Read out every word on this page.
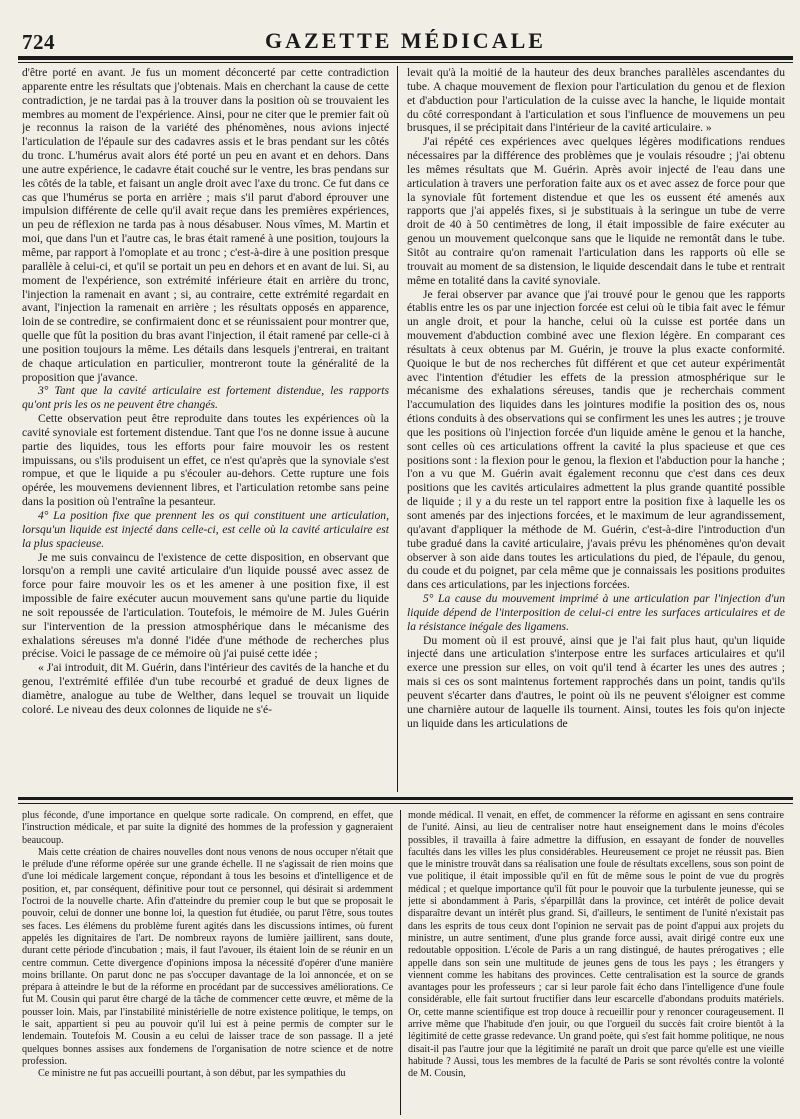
724	GAZETTE MÉDICALE

d'être porté en avant. Je fus un moment déconcerté par cette contradiction apparente entre les résultats que j'obtenais. Mais en cherchant la cause de cette contradiction, je ne tardai pas à la trouver dans la position où se trouvaient les membres au moment de l'expérience. Ainsi, pour ne citer que le premier fait où je reconnus la raison de la variété des phénomènes, nous avions injecté l'articulation de l'épaule sur des cadavres assis et le bras pendant sur les côtés du tronc. L'humérus avait alors été porté un peu en avant et en dehors. Dans une autre expérience, le cadavre était couché sur le ventre, les bras pendans sur les côtés de la table, et faisant un angle droit avec l'axe du tronc. Ce fut dans ce cas que l'humérus se porta en arrière ; mais s'il parut d'abord éprouver une impulsion différente de celle qu'il avait reçue dans les premières expériences, un peu de réflexion ne tarda pas à nous désabuser. Nous vîmes, M. Martin et moi, que dans l'un et l'autre cas, le bras était ramené à une position, toujours la même, par rapport à l'omoplate et au tronc ; c'est-à-dire à une position presque parallèle à celui-ci, et qu'il se portait un peu en dehors et en avant de lui. Si, au moment de l'expérience, son extrémité inférieure était en arrière du tronc, l'injection la ramenait en avant ; si, au contraire, cette extrémité regardait en avant, l'injection la ramenait en arrière ; les résultats opposés en apparence, loin de se contredire, se confirmaient donc et se réunissaient pour montrer que, quelle que fût la position du bras avant l'injection, il était ramené par celle-ci à une position toujours la même. Les détails dans lesquels j'entrerai, en traitant de chaque articulation en particulier, montreront toute la généralité de la proposition que j'avance.

3° Tant que la cavité articulaire est fortement distendue, les rapports qu'ont pris les os ne peuvent être changés.

Cette observation peut être reproduite dans toutes les expériences où la cavité synoviale est fortement distendue. Tant que l'os ne donne issue à aucune partie des liquides, tous les efforts pour faire mouvoir les os restent impuissans, ou s'ils produisent un effet, ce n'est qu'après que la synoviale s'est rompue, et que le liquide a pu s'écouler au-dehors. Cette rupture une fois opérée, les mouvemens deviennent libres, et l'articulation retombe sans peine dans la position où l'entraîne la pesanteur.

4° La position fixe que prennent les os qui constituent une articulation, lorsqu'un liquide est injecté dans celle-ci, est celle où la cavité articulaire est la plus spacieuse.

Je me suis convaincu de l'existence de cette disposition, en observant que lorsqu'on a rempli une cavité articulaire d'un liquide poussé avec assez de force pour faire mouvoir les os et les amener à une position fixe, il est impossible de faire exécuter aucun mouvement sans qu'une partie du liquide ne soit repoussée de l'articulation. Toutefois, le mémoire de M. Jules Guérin sur l'intervention de la pression atmosphérique dans le mécanisme des exhalations séreuses m'a donné l'idée d'une méthode de recherches plus précise. Voici le passage de ce mémoire où j'ai puisé cette idée ;

« J'ai introduit, dit M. Guérin, dans l'intérieur des cavités de la hanche et du genou, l'extrémité effilée d'un tube recourbé et gradué de deux lignes de diamètre, analogue au tube de Welther, dans lequel se trouvait un liquide coloré. Le niveau des deux colonnes de liquide ne s'é-

levait qu'à la moitié de la hauteur des deux branches parallèles ascendantes du tube. A chaque mouvement de flexion pour l'articulation du genou et de flexion et d'abduction pour l'articulation de la cuisse avec la hanche, le liquide montait du côté correspondant à l'articulation et sous l'influence de mouvemens un peu brusques, il se précipitait dans l'intérieur de la cavité articulaire. »

J'ai répété ces expériences avec quelques légères modifications rendues nécessaires par la différence des problèmes que je voulais résoudre ; j'ai obtenu les mêmes résultats que M. Guérin. Après avoir injecté de l'eau dans une articulation à travers une perforation faite aux os et avec assez de force pour que la synoviale fût fortement distendue et que les os eussent été amenés aux rapports que j'ai appelés fixes, si je substituais à la seringue un tube de verre droit de 40 à 50 centimètres de long, il était impossible de faire exécuter au genou un mouvement quelconque sans que le liquide ne remontât dans le tube. Sitôt au contraire qu'on ramenait l'articulation dans les rapports où elle se trouvait au moment de sa distension, le liquide descendait dans le tube et rentrait même en totalité dans la cavité synoviale.

Je ferai observer par avance que j'ai trouvé pour le genou que les rapports établis entre les os par une injection forcée est celui où le tibia fait avec le fémur un angle droit, et pour la hanche, celui où la cuisse est portée dans un mouvement d'abduction combiné avec une flexion légère. En comparant ces résultats à ceux obtenus par M. Guérin, je trouve la plus exacte conformité. Quoique le but de nos recherches fût différent et que cet auteur expérimentât avec l'intention d'étudier les effets de la pression atmosphérique sur le mécanisme des exhalations séreuses, tandis que je recherchais comment l'accumulation des liquides dans les jointures modifie la position des os, nous étions conduits à des observations qui se confirment les unes les autres ; je trouve que les positions où l'injection forcée d'un liquide amène le genou et la hanche, sont celles où ces articulations offrent la cavité la plus spacieuse et que ces positions sont : la flexion pour le genou, la flexion et l'abduction pour la hanche ; l'on a vu que M. Guérin avait également reconnu que c'est dans ces deux positions que les cavités articulaires admettent la plus grande quantité possible de liquide ; il y a du reste un tel rapport entre la position fixe à laquelle les os sont amenés par des injections forcées, et le maximum de leur agrandissement, qu'avant d'appliquer la méthode de M. Guérin, c'est-à-dire l'introduction d'un tube gradué dans la cavité articulaire, j'avais prévu les phénomènes qu'on devait observer à son aide dans toutes les articulations du pied, de l'épaule, du genou, du coude et du poignet, par cela même que je connaissais les positions produites dans ces articulations, par les injections forcées.

5° La cause du mouvement imprimé à une articulation par l'injection d'un liquide dépend de l'interposition de celui-ci entre les surfaces articulaires et de la résistance inégale des ligamens.

Du moment où il est prouvé, ainsi que je l'ai fait plus haut, qu'un liquide injecté dans une articulation s'interpose entre les surfaces articulaires et qu'il exerce une pression sur elles, on voit qu'il tend à écarter les unes des autres ; mais si ces os sont maintenus fortement rapprochés dans un point, tandis qu'ils peuvent s'écarter dans d'autres, le point où ils ne peuvent s'éloigner est comme une charnière autour de laquelle ils tournent. Ainsi, toutes les fois qu'on injecte un liquide dans les articulations de

plus féconde, d'une importance en quelque sorte radicale. On comprend, en effet, que l'instruction médicale, et par suite la dignité des hommes de la profession y gagneraient beaucoup.

Mais cette création de chaires nouvelles dont nous venons de nous occuper n'était que le prélude d'une réforme opérée sur une grande échelle. Il ne s'agissait de rien moins que d'une loi médicale largement conçue, répondant à tous les besoins et d'intelligence et de position, et, par conséquent, définitive pour tout ce personnel, qui désirait si ardemment l'octroi de la nouvelle charte. Afin d'atteindre du premier coup le but que se proposait le pouvoir, celui de donner une bonne loi, la question fut étudiée, ou parut l'être, sous toutes ses faces. Les élémens du problème furent agités dans les discussions intimes, où furent appelés les dignitaires de l'art. De nombreux rayons de lumière jaillirent, sans doute, durant cette période d'incubation ; mais, il faut l'avouer, ils étaient loin de se réunir en un centre commun. Cette divergence d'opinions imposa la nécessité d'opérer d'une manière moins brillante. On parut donc ne pas s'occuper davantage de la loi annoncée, et on se prépara à atteindre le but de la réforme en procédant par de successives améliorations. Ce fut M. Cousin qui parut être chargé de la tâche de commencer cette œuvre, et même de la pousser loin. Mais, par l'instabilité ministérielle de notre existence politique, le temps, on le sait, appartient si peu au pouvoir qu'il lui est à peine permis de compter sur le lendemain. Toutefois M. Cousin a eu celui de laisser trace de son passage. Il a jeté quelques bonnes assises aux fondemens de l'organisation de notre science et de notre profession.

Ce ministre ne fut pas accueilli pourtant, à son début, par les sympathies du

monde médical. Il venait, en effet, de commencer la réforme en agissant en sens contraire de l'unité. Ainsi, au lieu de centraliser notre haut enseignement dans le moins d'écoles possibles, il travailla à faire admettre la diffusion, en essayant de fonder de nouvelles facultés dans les villes les plus considérables. Heureusement ce projet ne réussit pas. Bien que le ministre trouvât dans sa réalisation une foule de résultats excellens, sous son point de vue politique, il était impossible qu'il en fût de même sous le point de vue du progrès médical ; et quelque importance qu'il fût pour le pouvoir que la turbulente jeunesse, qui se jette si abondamment à Paris, s'éparpillât dans la province, cet intérêt de police devait disparaître devant un intérêt plus grand. Si, d'ailleurs, le sentiment de l'unité n'existait pas dans les esprits de tous ceux dont l'opinion ne servait pas de point d'appui aux projets du ministre, un autre sentiment, d'une plus grande force aussi, avait dirigé contre eux une redoutable opposition. L'école de Paris a un rang distingué, de hautes prérogatives ; elle appelle dans son sein une multitude de jeunes gens de tous les pays ; les étrangers y viennent comme les habitans des provinces. Cette centralisation est la source de grands avantages pour les professeurs ; car si leur parole fait écho dans l'intelligence d'une foule considérable, elle fait surtout fructifier dans leur escarcelle d'abondans produits matériels. Or, cette manne scientifique est trop douce à recueillir pour y renoncer courageusement. Il arrive même que l'habitude d'en jouir, ou que l'orgueil du succès fait croire bientôt à la légitimité de cette grasse redevance. Un grand poète, qui s'est fait homme politique, ne nous disait-il pas l'autre jour que la légitimité ne paraît un droit que parce qu'elle est une vieille habitude ? Aussi, tous les membres de la faculté de Paris se sont révoltés contre la volonté de M. Cousin,
